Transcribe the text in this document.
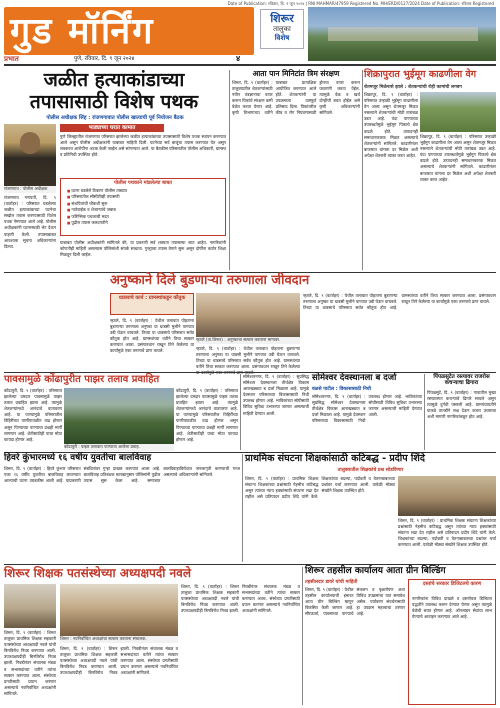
Date of Publication: रविवार, दि. ९ जून २०२४ | RNI MAHMAR/47959 Registered No. MH/ERD/0127/2024 Date of Publication: रविवार Registered
गुड मॉर्निंग
प्रभात	पुणे, रविवार, दि. ९ जून २०२४	४
शिरूर
तालुका
विशेष
जळीत हत्याकांडाच्या
तपासासाठी विशेष पथक
पोलीस अधीक्षक सिंह : रांजणगावात पोलीस खात्याची पूर्व नियोजन बैठक
भाड्याच्या घरात कामात
पुणे जिल्ह्यातील रांजणगाव परिसरात झालेल्या जळीत हत्याकांडाच्या तपासासाठी विशेष पथक स्थापन करण्यात आले असून पोलीस अधीक्षकांनी याबाबत माहिती दिली. घटनेच्या सर्व बाजूंचा तपास करण्यात येत असून लवकरच आरोपींना अटक केली जाईल असे सांगण्यात आले. या बैठकीस परिसरातील पोलीस अधिकारी, ग्रामस्थ व प्रतिनिधी उपस्थित होते.
रांजणगाव : पोलीस अधीक्षक
रांजणगाव गणपती, दि. ९ (वार्ताहर) : परिसरात घडलेल्या जळीत हत्याकांडाच्या घटनेचा सखोल तपास करण्यासाठी विशेष पथक नेमण्यात आले आहे. पोलीस अधीक्षकांनी घटनास्थळी भेट देऊन पाहणी केली. तपासाबाबत आवश्यक सूचना अधिकाऱ्यांना दिल्या.
पोलीस पथकाने मांडलेल्या बाबत
■ घटना घडलेले ठिकाण पोलीस ताब्यात
■ परिसरातील सीसीटीव्ही तपासणी
■ संशयितांची चौकशी सुरू
■ नातेवाईक व शेजाऱ्यांचे जबाब
■ फॉरेन्सिक पथकाची मदत
■ पुढील तपास जलदगतीने
याबाबत पोलीस अधीक्षकांनी सांगितले की, या प्रकरणी सर्व शक्यता तपासल्या जात आहेत. नागरिकांनी कोणतीही माहिती असल्यास पोलिसांशी संपर्क साधावा. गुन्ह्याचा तपास वेगाने सुरू असून दोषींना कठोर शिक्षा मिळवून दिली जाईल.
आता पान मिनिटांत त्रिम संरक्षण
शिरूर, दि. ९ (वार्ताहर) : तालुक्यातील शेतकऱ्यांसाठी नवीन तंत्रज्ञानाचा वापर करून पिकांचे संरक्षण कमी वेळेत करता येणार आहे. कृषी विभागाच्या वतीने याबाबत प्रात्यक्षिक आयोजित करण्यात आले होते. शेतकऱ्यांनी या उपक्रमाला उत्स्फूर्त प्रतिसाद दिला. पिकांवरील कीड व रोग नियंत्रणासाठी ड्रोनचा वापर करून फवारणी करता येईल. त्यामुळे वेळ व खर्च दोन्हींची बचत होईल असे कृषी अधिकाऱ्यांनी सांगितले.
शिक्रापुरात भुईमूग काढणीला वेग
शेतमजूर मिळेनासे झाले : शेतकऱ्यांची रोही कामांची लगबग
शिक्रापूर, दि. ९ (वार्ताहर) : परिसरात उन्हाळी भुईमूग काढणीला वेग आला असून शेतमजूर मिळत नसल्याने शेतकऱ्यांची मोठी तारांबळ उडत आहे. यंदा पाण्याच्या उपलब्धतेमुळे भुईमूग पिकाचे क्षेत्र वाढले होते. उत्पादनही समाधानकारक मिळत असल्याचे शेतकऱ्यांनी सांगितले. काढणीनंतर बाजारात चांगला दर मिळेल अशी अपेक्षा शेतकरी व्यक्त करत आहेत.
शिक्रापूर, दि. ९ (वार्ताहर) : परिसरात उन्हाळी भुईमूग काढणीला वेग आला असून शेतमजूर मिळत नसल्याने शेतकऱ्यांची मोठी तारांबळ उडत आहे. यंदा पाण्याच्या उपलब्धतेमुळे भुईमूग पिकाचे क्षेत्र वाढले होते. उत्पादनही समाधानकारक मिळत असल्याचे शेतकऱ्यांनी सांगितले. काढणीनंतर बाजारात चांगला दर मिळेल अशी अपेक्षा शेतकरी व्यक्त करत आहेत.
अनुष्काने दिले बुडणाऱ्या तरुणाला जीवदान
धाडसाचे कार्य : ग्रामस्थांकडून कौतुक
न्हावरे (ता.शिरूर) : अनुष्काचा सत्कार करताना मान्यवर.
न्हावरे, दि. ९ (वार्ताहर) : येथील तलावात पोहताना बुडणाऱ्या तरुणाला अनुष्का या धाडसी मुलीने पाण्यात उडी घेऊन वाचवले. तिच्या या धाडसाचे परिसरात सर्वत्र कौतुक होत आहे. ग्रामस्थांच्या वतीने तिचा सत्कार करण्यात आला. प्रसंगावधान राखून तिने केलेल्या या कार्यामुळे एका तरुणाचे प्राण वाचले.	न्हावरे, दि. ९ (वार्ताहर) : येथील तलावात पोहताना बुडणाऱ्या तरुणाला अनुष्का या धाडसी मुलीने पाण्यात उडी घेऊन वाचवले. तिच्या या धाडसाचे परिसरात सर्वत्र कौतुक होत आहे. ग्रामस्थांच्या वतीने तिचा सत्कार करण्यात आला. प्रसंगावधान राखून तिने केलेल्या
न्हावरे, दि. ९ (वार्ताहर) : येथील तलावात पोहताना बुडणाऱ्या तरुणाला अनुष्का या धाडसी मुलीने पाण्यात उडी घेऊन वाचवले. तिच्या या धाडसाचे परिसरात सर्वत्र कौतुक होत आहे. ग्रामस्थांच्या वतीने तिचा सत्कार करण्यात आला. प्रसंगावधान राखून तिने केलेल्या या कार्यामुळे एका तरुणाचे प्राण वाचले.
पावसामुळे कोंढापुरीत पाझर तलाव प्रवाहित
कोंढापुरी : पाझर तलावात पाण्याचा आलेला प्रवाह.
कोंढापुरी, दि. ९ (वार्ताहर) : परिसरात झालेल्या दमदार पावसामुळे पाझर तलाव प्रवाहित झाला आहे. त्यामुळे शेतकऱ्यांमध्ये आनंदाचे वातावरण आहे. या पाण्यामुळे परिसरातील विहिरींच्या पाणीपातळीत वाढ होणार असून पिण्याच्या पाण्याचा प्रश्नही मार्गी लागणार आहे. शेतीसाठीही याचा मोठा फायदा होणार आहे.
कोंढापुरी, दि. ९ (वार्ताहर) : परिसरात झालेल्या दमदार पावसामुळे पाझर तलाव प्रवाहित झाला आहे. त्यामुळे शेतकऱ्यांमध्ये आनंदाचे वातावरण आहे. या पाण्यामुळे परिसरातील विहिरींच्या पाणीपातळीत वाढ होणार असून पिण्याच्या पाण्याचा प्रश्नही मार्गी लागणार आहे. शेतीसाठीही याचा मोठा फायदा होणार आहे.
सोमेश्वरनगर, दि. ९ (वार्ताहर) : सुप्रसिद्ध सोमेश्वर देवस्थानला तीर्थक्षेत्र विकास आराखड्यात ब दर्जा मिळाला आहे. यामुळे देवस्थान परिसराच्या विकासासाठी निधी उपलब्ध होणार आहे. भाविकांच्या सोयीसाठी विविध सुविधा उभारल्या जाणार असल्याची माहिती देण्यात आली.
सोमेश्वर देवस्थानला ब दर्जा
वळसे पाटील : विकासासाठी निधी
सोमेश्वरनगर, दि. ९ (वार्ताहर) : सुप्रसिद्ध सोमेश्वर देवस्थानला तीर्थक्षेत्र विकास आराखड्यात ब दर्जा मिळाला आहे. यामुळे देवस्थान परिसराच्या विकासासाठी निधी उपलब्ध होणार आहे. भाविकांच्या सोयीसाठी विविध सुविधा उभारल्या जाणार असल्याची माहिती देण्यात आली.
पिंपळसुटेत रस्त्यावर राजरोस कचऱ्याचा ढिगारा
पिंपळसुटे, दि. ९ (वार्ताहर) : गावातील मुख्य रस्त्यालगत कचऱ्याचे ढिगारे साचले असून त्यामुळे दुर्गंधी पसरली आहे. ग्रामपंचायतीने याकडे तातडीने लक्ष देऊन कचरा उचलावा अशी मागणी नागरिकांकडून होत आहे.
हिवरे कुंभारमध्ये १६ वर्षीय युवतीचा बालविवाह
शिरूर, दि. ९ (वार्ताहर) : हिवरे कुंभार परिसरात एका १६ वर्षीय युवतीचा बालविवाह लावण्यात आल्याची घटना उघडकीस आली आहे. याप्रकरणी संबंधितांवर गुन्हा दाखल करण्यात आला आहे. बालविवाह प्रतिबंधक कायद्यानुसार पोलिसांनी पुढील तपास सुरू केला आहे. समाजात बालविवाहाविरोधात जनजागृती करण्याची गरज असल्याचे अधिकाऱ्यांनी सांगितले.
प्राथमिक संघटना शिक्षकांसाठी कटिबद्ध - प्रदीप शिंदे
तालुक्यातील शिक्षकांचे प्रश्न सोडविणार
शिरूर, दि. ९ (वार्ताहर) : प्राथमिक शिक्षक संघटना शिक्षकांच्या प्रश्नांसाठी नेहमीच कटिबद्ध असून त्यांच्या न्याय हक्कांसाठी संघटना लढा देत राहील असे प्रतिपादन प्रदीप शिंदे यांनी केले. शिक्षकांच्या बदल्या, पदोन्नती व वेतनाबाबतच्या प्रश्नांवर चर्चा करण्यात आली. यावेळी मोठ्या संख्येने शिक्षक उपस्थित होते.
शिरूर, दि. ९ (वार्ताहर) : प्राथमिक शिक्षक संघटना शिक्षकांच्या प्रश्नांसाठी नेहमीच कटिबद्ध असून त्यांच्या न्याय हक्कांसाठी संघटना लढा देत राहील असे प्रतिपादन प्रदीप शिंदे यांनी केले. शिक्षकांच्या बदल्या, पदोन्नती व वेतनाबाबतच्या प्रश्नांवर चर्चा करण्यात आली. यावेळी मोठ्या संख्येने शिक्षक उपस्थित होते.
शिरूर शिक्षक पतसंस्थेच्या अध्यक्षपदी नवले
शिरूर : नवनिर्वाचित अध्यक्षांचा सत्कार करताना संचालक.
शिरूर, दि. ९ (वार्ताहर) : शिरूर तालुका प्राथमिक शिक्षक सहकारी पतसंस्थेच्या अध्यक्षपदी नवले यांची बिनविरोध निवड करण्यात आली. उपाध्यक्षपदीही बिनविरोध निवड झाली. निवडीनंतर संचालक मंडळ व सभासदांच्या वतीने त्यांचा सत्कार करण्यात आला. संस्थेच्या प्रगतीसाठी प्रयत्न करणार असल्याचे नवनिर्वाचित अध्यक्षांनी सांगितले.
शिरूर, दि. ९ (वार्ताहर) : शिरूर तालुका प्राथमिक शिक्षक सहकारी पतसंस्थेच्या अध्यक्षपदी नवले यांची बिनविरोध निवड करण्यात आली. उपाध्यक्षपदीही बिनविरोध निवड झाली. निवडीनंतर संचालक मंडळ व सभासदांच्या वतीने त्यांचा सत्कार करण्यात आला. संस्थेच्या प्रगतीसाठी प्रयत्न करणार असल्याचे नवनिर्वाचित अध्यक्षांनी सांगितले.
शिरूर, दि. ९ (वार्ताहर) : शिरूर तालुका प्राथमिक शिक्षक सहकारी पतसंस्थेच्या अध्यक्षपदी नवले यांची बिनविरोध निवड करण्यात आली. उपाध्यक्षपदीही बिनविरोध निवड झाली. निवडीनंतर संचालक मंडळ व सभासदांच्या वतीने त्यांचा सत्कार करण्यात आला. संस्थेच्या प्रगतीसाठी प्रयत्न करणार असल्याचे नवनिर्वाचित अध्यक्षांनी सांगितले.
शिरूर तहसील कार्यालय आता ग्रीन बिल्डिंग
तहसीलदार डावरे यांची माहिती
शिरूर, दि. ९ (वार्ताहर) : येथील तहसील कार्यालयाची इमारत आता ग्रीन बिल्डिंग म्हणून विकसित केली जाणार आहे. सौरऊर्जा, पावसाच्या पाण्याचे संकलन व वृक्षारोपण अशा विविध उपक्रमांचा यात समावेश असेल. पर्यावरण संवर्धनासाठी हा उपक्रम महत्त्वाचा ठरणार आहे.
दस्तांचे सरकार डिजिटलचे कारण
नागरिकांना विविध दाखले व दस्तऐवज डिजिटल पद्धतीने उपलब्ध करून देण्यात येणार असून त्यामुळे वेळेची बचत होणार आहे. ऑनलाइन सेवांचा लाभ घेण्याचे आवाहन करण्यात आले आहे.
